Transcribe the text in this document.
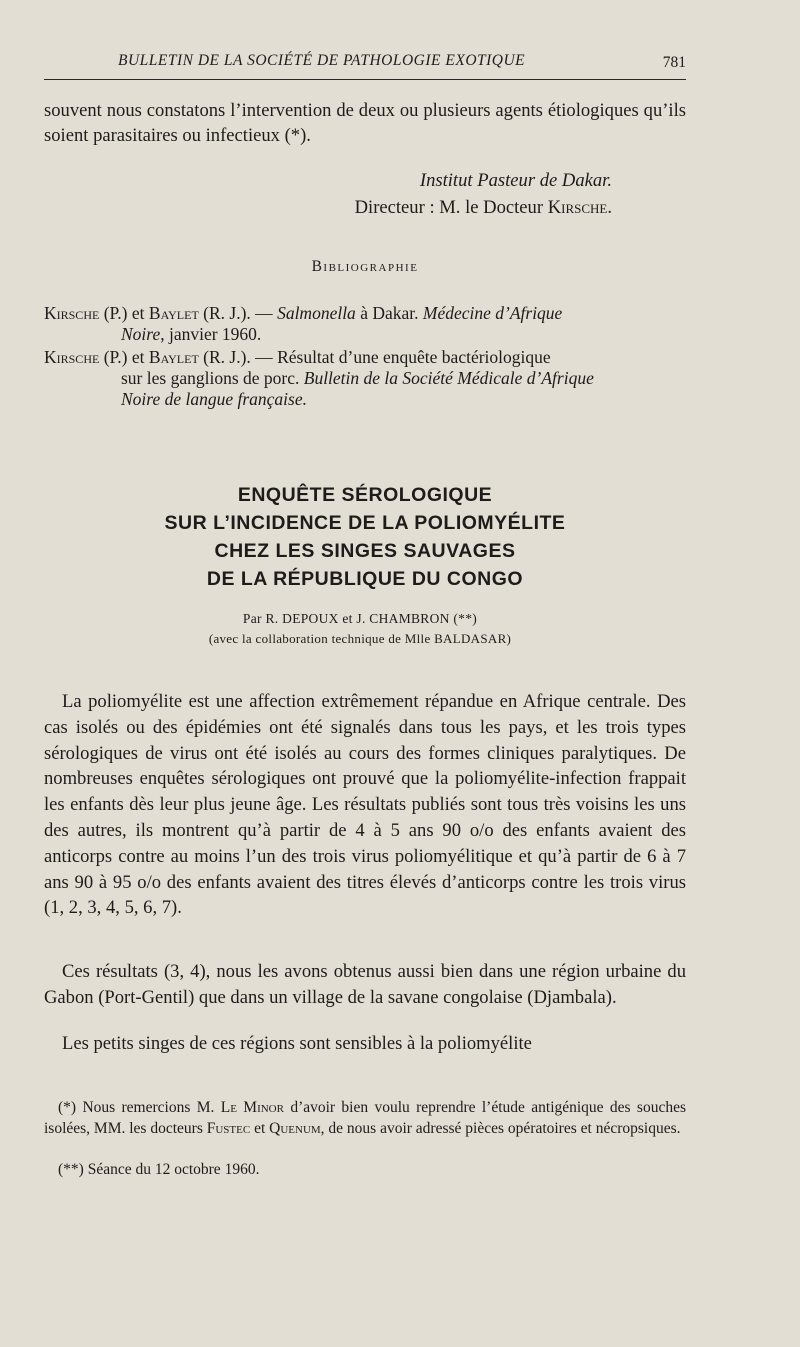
BULLETIN DE LA SOCIÉTÉ DE PATHOLOGIE EXOTIQUE	781
souvent nous constatons l’intervention de deux ou plusieurs agents étiologiques qu’ils soient parasitaires ou infectieux (*).
Institut Pasteur de Dakar.
Directeur : M. le Docteur Kirsche.
Bibliographie
Kirsche (P.) et Baylet (R. J.). — Salmonella à Dakar. Médecine d’Afrique
Noire, janvier 1960.
Kirsche (P.) et Baylet (R. J.). — Résultat d’une enquête bactériologique
sur les ganglions de porc. Bulletin de la Société Médicale d’Afrique
Noire de langue française.
ENQUÊTE SÉROLOGIQUE
SUR L’INCIDENCE DE LA POLIOMYÉLITE
CHEZ LES SINGES SAUVAGES
DE LA RÉPUBLIQUE DU CONGO
Par R. DEPOUX et J. CHAMBRON (**)
(avec la collaboration technique de Mlle BALDASAR)
La poliomyélite est une affection extrêmement répandue en Afrique centrale. Des cas isolés ou des épidémies ont été signalés dans tous les pays, et les trois types sérologiques de virus ont été isolés au cours des formes cliniques paralytiques. De nombreuses enquêtes sérologiques ont prouvé que la poliomyélite-infection frappait les enfants dès leur plus jeune âge. Les résultats publiés sont tous très voisins les uns des autres, ils montrent qu’à partir de 4 à 5 ans 90 o/o des enfants avaient des anticorps contre au moins l’un des trois virus poliomyélitique et qu’à partir de 6 à 7 ans 90 à 95 o/o des enfants avaient des titres élevés d’anticorps contre les trois virus (1, 2, 3, 4, 5, 6, 7).
Ces résultats (3, 4), nous les avons obtenus aussi bien dans une région urbaine du Gabon (Port-Gentil) que dans un village de la savane congolaise (Djambala).
Les petits singes de ces régions sont sensibles à la poliomyélite
(*) Nous remercions M. Le Minor d’avoir bien voulu reprendre l’étude antigénique des souches isolées, MM. les docteurs Fustec et Quenum, de nous avoir adressé pièces opératoires et nécropsiques.
(**) Séance du 12 octobre 1960.
